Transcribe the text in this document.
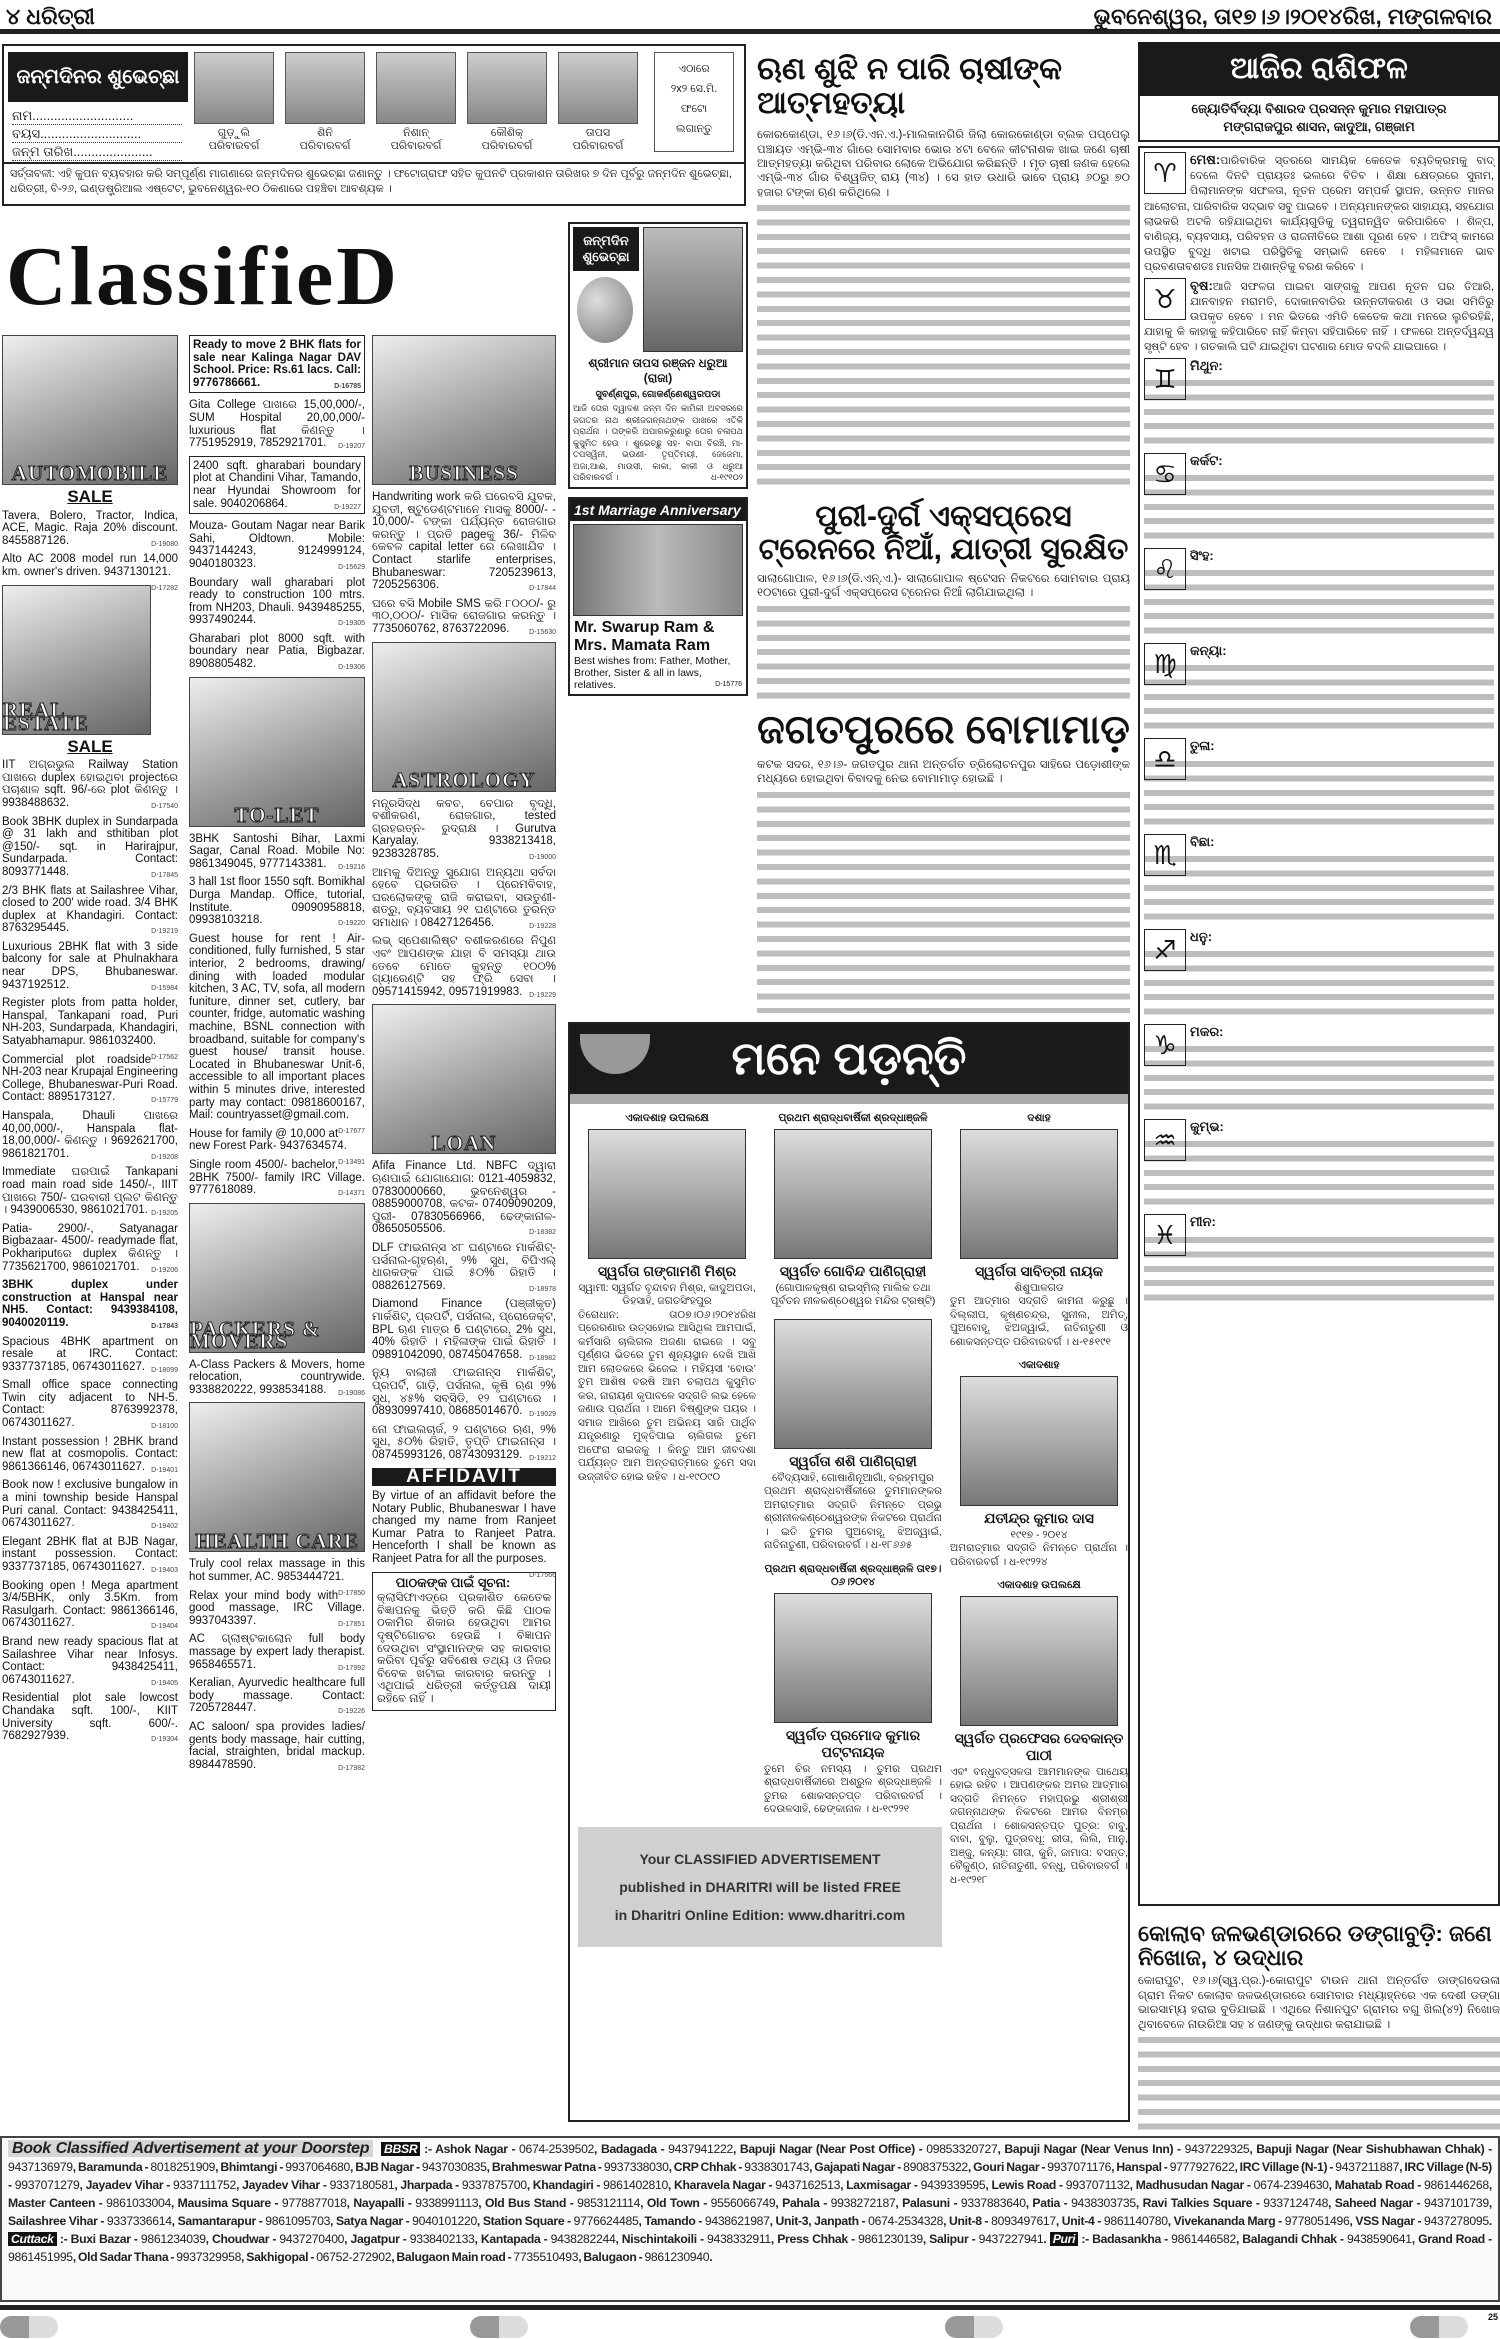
୪ ଧରିତ୍ରୀ	ଭୁବନେଶ୍ୱର, ତା୧୭।୬।୨୦୧୪ରିଖ, ମଙ୍ଗଳବାର
ଜନ୍ମଦିନର ଶୁଭେଚ୍ଛା
ନାମ............................
ବୟସ............................
ଜନ୍ମ ତାରିଖ......................
ଗୁଡ଼ୁଲି
ପରିବାରବର୍ଗ
ଶିନି
ପରିବାରବର୍ଗ
ନିଶାନ୍
ପରିବାରବର୍ଗ
କୌଶିକ୍
ପରିବାରବର୍ଗ
ତାପସ
ପରିବାରବର୍ଗ
ଏଠାରେ
୨x୨ ସେ.ମି.
ଫଟୋ
ଲଗାନ୍ତୁ
ସର୍ତ୍ତାବଳୀ: ଏହି କୁପନ ବ୍ୟବହାର କରି ସମ୍ପୂର୍ଣ୍ଣ ମାଗଣାରେ ଜନ୍ମଦିନର ଶୁଭେଚ୍ଛା ଜଣାନ୍ତୁ । ଫଟୋଗ୍ରାଫ ସହିତ କୁପନଟି ପ୍ରକାଶନ ତାରିଖର ୭ ଦିନ ପୂର୍ବରୁ ଜନ୍ମଦିନ ଶୁଭେଚ୍ଛା, ଧରିତ୍ରୀ, ବି-୨୬, ଇଣ୍ଡଷ୍ଟ୍ରିଆଲ ଏଷ୍ଟେଟ, ଭୁବନେଶ୍ୱର-୧୦ ଠିକଣାରେ ପହଞ୍ଚିବା ଆବଶ୍ୟକ ।
ClassifieD
AUTOMOBILE
SALE
Tavera, Bolero, Tractor, Indica, ACE, Magic. Raja 20% discount. 8455887126.	D-19080
Alto AC 2008 model run 14,000 km. owner's driven. 9437130121.
D-17282
REAL ESTATE
SALE
IIT ଅଗ୍ରଭୁଲ Railway Station ପାଖରେ duplex ହୋଇଥିବା projectରେ ପଚାଶାଳ sqft. 96/-ରେ plot କିଣନ୍ତୁ । 9938488632.	D-17540
Book 3BHK duplex in Sundarpada @ 31 lakh and sthitiban plot @150/- sqt. in Harirajpur, Sundarpada. Contact: 8093771448.	D-17845
2/3 BHK flats at Sailashree Vihar, closed to 200' wide road. 3/4 BHK duplex at Khandagiri. Contact: 8763295445.	D-19219
Luxurious 2BHK flat with 3 side balcony for sale at Phulnakhara near DPS, Bhubaneswar. 9437192512.	D-15984
Register plots from patta holder, Hanspal, Tankapani road, Puri NH-203, Sundarpada, Khandagiri, Satyabhamapur. 9861032400.
D-17562
Commercial plot roadside NH-203 near Krupajal Engineering College, Bhubaneswar-Puri Road. Contact: 8895173127.	D-15779
Hanspala, Dhauli ପାଖରେ 40,00,000/-, Hanspala flat- 18,00,000/- କିଣନ୍ତୁ । 9692621700, 9861821701.	D-19208
Immediate ଘରପାଇଁ Tankapani road main road side 1450/-, IIIT ପାଖରେ 750/- ଘରବାରୀ ପ୍ଲଟ କିଣନ୍ତୁ । 9439006530, 9861021701. D-19205
Patia- 2900/-, Satyanagar Bigbazaar- 4500/- readymade flat, Pokhariputରେ duplex କିଣନ୍ତୁ । 7735621700, 9861021701. D-19206
3BHK duplex under construction at Hanspal near NH5. Contact: 9439384108, 9040020119.	D-17843
Spacious 4BHK apartment on resale at IRC. Contact: 9337737185, 06743011627. D-18099
Small office space connecting Twin city adjacent to NH-5. Contact: 8763992378, 06743011627.	D-18100
Instant possession ! 2BHK brand new flat at cosmopolis. Contact: 9861366146, 06743011627. D-19401
Book now ! exclusive bungalow in a mini township beside Hanspal Puri canal. Contact: 9438425411, 06743011627.	D-19402
Elegant 2BHK flat at BJB Nagar, instant possession. Contact: 9337737185, 06743011627. D-19403
Booking open ! Mega apartment 3/4/5BHK, only 3.5Km. from Rasulgarh. Contact: 9861366146, 06743011627.	D-19404
Brand new ready spacious flat at Sailashree Vihar near Infosys. Contact: 9438425411, 06743011627.	D-19405
Residential plot sale lowcost Chandaka sqft. 100/-, KIIT University sqft. 600/-. 7682927939.	D-19304
Ready to move 2 BHK flats for sale near Kalinga Nagar DAV School. Price: Rs.61 lacs. Call: 9776786661.	D-16785
Gita College ପାଖରେ 15,00,000/-, SUM Hospital 20,00,000/- luxurious flat କିଣନ୍ତୁ । 7751952919, 7852921701. D-19207
2400 sqft. gharabari boundary plot at Chandini Vihar, Tamando, near Hyundai Showroom for sale. 9040206864.	D-19227
Mouza- Goutam Nagar near Barik Sahi, Oldtown. Mobile: 9437144243, 9124999124, 9040180323.	D-15629
Boundary wall gharabari plot ready to construction 100 mtrs. from NH203, Dhauli. 9439485255, 9937490244.	D-19305
Gharabari plot 8000 sqft. with boundary near Patia, Bigbazar. 8908805482.	D-19306
TO-LET
3BHK Santoshi Bihar, Laxmi Sagar, Canal Road. Mobile No: 9861349045, 9777143381. D-19216
3 hall 1st floor 1550 sqft. Bomikhal Durga Mandap. Office, tutorial, Institute. 09090958818, 09938103218.	D-19220
Guest house for rent ! Air-conditioned, fully furnished, 5 star interior, 2 bedrooms, drawing/ dining with loaded modular kitchen, 3 AC, TV, sofa, all modern funiture, dinner set, cutlery, bar counter, fridge, automatic washing machine, BSNL connection with broadband, suitable for company's guest house/ transit house. Located in Bhubaneswar Unit-6, accessible to all important places within 5 minutes drive, interested party may contact: 09818600167, Mail: countryasset@gmail.com.
D-17677
House for family @ 10,000 at new Forest Park- 9437634574.
D-13491
Single room 4500/- bachelor, 2BHK 7500/- family IRC Village. 9777618089.	D-14371
PACKERS & MOVERS
A-Class Packers & Movers, home relocation, countrywide. 9338820222, 9938534188. D-19086
HEALTH CARE
Truly cool relax massage in this hot summer, AC. 9853444721.
D-17850
Relax your mind body with good massage, IRC Village. 9937043397.	D-17851
AC ଗ୍ଲାଷ୍ଟକାଲୋନ full body massage by expert lady therapist. 9658465571.	D-17992
Keralian, Ayurvedic healthcare full body massage. Contact: 7205728447.	D-19226
AC saloon/ spa provides ladies/ gents body massage, hair cutting, facial, straighten, bridal mackup. 8984478590.	D-17982
BUSINESS
Handwriting work କରି ଘରେବସି ଯୁବକ, ଯୁବତୀ, ଷ୍ଟୁଡେଣ୍ଟମାନେ ମାସକୁ 8000/- - 10,000/- ଟଙ୍କା ପର୍ଯ୍ୟନ୍ତ ରୋଜଗାର କରନ୍ତୁ । ପ୍ରତି pageକୁ 36/- ମିଳିବ କେବଳ capital letter ରେ ଲେଖାଯିବ । Contact starlife enterprises, Bhubaneswar: 7205239613, 7205256306.	D-17844
ଘରେ ବସି Mobile SMS କରି ୮୦୦୦/- ରୁ ୩୦,୦୦୦/- ମାସିକ ରୋଜଗାର କରନ୍ତୁ । 7735060762, 8763722096.	D-15630
ASTROLOGY
ମନ୍ତ୍ରସିଦ୍ଧ କବଚ, ବେପାର ବୃଦ୍ଧି, ବଶୀକରଣ, ରୋଜଗାର, tested ଗ୍ରହରତ୍ନ- ରୁଦ୍ରାକ୍ଷ । Gurutva Karyalay. 9338213418, 9238328785.	D-19000
ଆମକୁ ଦିଅନ୍ତୁ ସୁଯୋଗ ଅନ୍ୟଥା ସର୍ବଦା ହେବେ ପ୍ରତାରିତ । ପ୍ରେମବିବାହ, ଘରଲୋକଙ୍କୁ ରାଜି କରାଇବା, ସଉତୁଣୀ-ଶତ୍ରୁ, ବ୍ୟବସାୟ ୨୧ ଘଣ୍ଟାରେ ତୁରନ୍ତ ସମାଧାନ । 08427126456.	D-19228
ଲଭ୍ ସ୍ପେଶାଲିଷ୍ଟ ବଶୀକରଣରେ ନିପୁଣ ଏବଂ ଆପଣଙ୍କ ଯାହା ବି ସମସ୍ୟା ଥାଉ ତେବେ ମୋତେ କୁହନ୍ତୁ ୧୦୦% ଗ୍ୟାରେଣ୍ଟି ସହ ଫ୍ରି ସେବା । 09571415942, 09571919983. D-19229
LOAN
Afifa Finance Ltd. NBFC ଦ୍ୱାରା ଋଣପାଇଁ ଯୋଗାଯୋଗ: 0121-4059832, 07830000660, ଭୁବନେଶ୍ୱର - 08859000708, କଟକ- 07409090209, ପୁରୀ- 07830566966, ଢେଙ୍କାନାଳ- 08650505506.	D-18382
DLF ଫାଇନାନ୍ସ ୪୮ ଘଣ୍ଟାରେ ମାର୍କଶିଟ୍-ପର୍ସନାଲ-ଗୃହଋଣ, ୨% ସୁଧ, ବିପିଏଲ୍ ଧାରକଙ୍କ ପାଇଁ ୫୦% ରିହାତି । 08826127569.	D-18978
Diamond Finance (ପଞ୍ଜୀକୃତ) ମାର୍କଶିଟ୍, ପ୍ରପର୍ଟି, ପର୍ସନାଲ, ପ୍ରୋଜେକ୍ଟ, BPL ଋଣ ମାତ୍ର 6 ଘଣ୍ଟାରେ, 2% ସୁଧ, 40% ରିହାତି । ମହିଳାଙ୍କ ପାଇଁ ରିହାତି । 09891042090, 08745047658. D-18982
ନ୍ୟୁ ବାଲାଜୀ ଫାଇନାନ୍ସ ମାର୍କଶିଟ୍, ପ୍ରପର୍ଟି, ଗାଡ଼ି, ପର୍ସନାଲ, କୃଷି ଋଣ ୨% ସୁଧ, ୪୫% ସବ୍‌ସିଡି, ୧୨ ଘଣ୍ଟାରେ । 08930997410, 08685014670. D-19029
ନୋ ଫାଇଲଚାର୍ଜ, ୨ ଘଣ୍ଟାରେ ଋଣ, ୨% ସୁଧ, ୫୦% ରିହାତି, ତୃପ୍ତି ଫାଇନାନ୍ସ । 08745993126, 08743093129. D-19212
AFFIDAVIT
By virtue of an affidavit before the Notary Public, Bhubaneswar I have changed my name from Ranjeet Kumar Patra to Ranjeet Patra. Henceforth I shall be known as Ranjeet Patra for all the purposes.
D-17566
ପାଠକଙ୍କ ପାଇଁ ସୂଚନା:
କ୍ଲାସିଫାଏଡ୍‌ରେ ପ୍ରକାଶିତ କେତେକ ବିଜ୍ଞାପନକୁ ଭିତ୍ତି କରି କିଛି ପାଠକ ଠକାମିର ଶିକାର ହେଉଥିବା ଆମର ଦୃଷ୍ଟିଗୋଚର ହେଉଛି । ବିଜ୍ଞାପନ ଦେଉଥିବା ସଂସ୍ଥାମାନଙ୍କ ସହ କାରବାର କରିବା ପୂର୍ବରୁ ସବିଶେଷ ତଥ୍ୟ ଓ ନିଜର ବିବେକ ଖଟାଇ କାରବାର କରନ୍ତୁ । ଏଥିପାଇଁ ଧରିତ୍ରୀ କର୍ତ୍ତୃପକ୍ଷ ଦାୟୀ ରହିବେ ନାହିଁ ।
ଜନ୍ମଦିନ ଶୁଭେଚ୍ଛା
ଶ୍ରୀମାନ ତାପସ ରଞ୍ଜନ ଧରୁଆ (ରାଜା)
ସୁବର୍ଣ୍ଣପୁର, ଗୋକର୍ଣ୍ଣେଶ୍ୱରପଡା
ଆଜି ତୋର ଦ୍ୱାଦଶ ଜନ୍ମ ଦିନ କାମିକୀ ଅବସରରେ ଜଗତର ନାଥ ଶ୍ରୀଜଗନ୍ନାଥଙ୍କ ପାଖରେ ଏତିକି ପ୍ରାର୍ଥନା । ତାଙ୍କରି ଅପାରକରୁଣାରୁ ତୋର ଚଳାପଥ କୁସୁମିତ ହେଉ । ଶୁଭେଚ୍ଛୁ ସହ- ବାପା ବିରଞ୍ଚି, ମା- ତପସ୍ୱିନୀ, ଭଉଣୀ- ତୃପ୍ତିମୟୀ, ଜେଜେମା, ଅଜା,ଆଈ, ମାଉସୀ, କାକା, କାକୀ ଓ ଧରୁଆ ପରିବାରବର୍ଗ ।	ଧ-୧୯୧୦୨
1st Marriage Anniversary
Mr. Swarup Ram & Mrs. Mamata Ram
Best wishes from: Father, Mother, Brother, Sister & all in laws, relatives.	D-15776
ଋଣ ଶୁଝି ନ ପାରି ଚାଷୀଙ୍କ ଆତ୍ମହତ୍ୟା
କୋରକୋଣ୍ଡା, ୧୬।୬(ଡି.ଏନ.ଏ.)-ମାଲକାନଗିରି ଜିଲା କୋରକୋଣ୍ଡା ବ୍ଲକ ପପ୍ପେଲୁ ପଞ୍ଚାୟତ ଏମ୍‌ଭି-୩୪ ଗାଁରେ ସୋମବାର ଭୋର ୪ଟା ବେଳେ କୀଟନାଶକ ଖାଇ ଜଣେ ଚାଷୀ ଆତ୍ମହତ୍ୟା କରିଥିବା ପରିବାର ଲୋକେ ଅଭିଯୋଗ କରିଛନ୍ତି । ମୃତ ଚାଷୀ ଜଣକ ହେଲେ ଏମ୍‌ଭି-୩୪ ଗାଁର ବିଶ୍ୱଜିତ୍ ରାୟ (୩୪) । ସେ ହାତ ଉଧାରି ଭାବେ ପ୍ରାୟ ୬୦ରୁ ୭୦ ହଜାର ଟଙ୍କା ଋଣ କରିଥିଲେ ।
ପୁରୀ-ଦୁର୍ଗ ଏକ୍ସପ୍ରେସ ଟ୍ରେନରେ ନିଆଁ, ଯାତ୍ରୀ ସୁରକ୍ଷିତ
ସାଲାଗୋପାଳ, ୧୬।୬(ଡି.ଏନ୍.ଏ.)- ସାଲାଗୋପାଳ ଷ୍ଟେସନ ନିକଟରେ ସୋମବାର ପ୍ରାୟ ୧୦ଟାରେ ପୁରୀ-ଦୁର୍ଗ ଏକ୍ସପ୍ରେସ ଟ୍ରେନର ନିଆଁ ଲାଗିଯାଇଥିଲା ।
ଜଗତପୁରରେ ବୋମାମାଡ଼
କଟକ ସଦର, ୧୬।୬- ଜଗତପୁର ଥାନା ଅନ୍ତର୍ଗତ ତ୍ରିଲୋଚନପୁର ସାହିରେ ପଡ଼ୋଶୀଙ୍କ ମଧ୍ୟରେ ହୋଇଥିବା ବିବାଦକୁ ନେଇ ବୋମାମାଡ଼ ହୋଇଛି ।
ଆଜିର ରାଶିଫଳ
ଜ୍ୟୋତିର୍ବିଦ୍ୟା ବିଶାରଦ ପ୍ରସନ୍ନ କୁମାର ମହାପାତ୍ର
ମଙ୍ଗରାଜପୁର ଶାସନ, କାଦୁଆ, ଗଞ୍ଜାମ
♈	ମେଷ:ପାରିବାରିକ ସ୍ତରରେ ସାମୟିକ କେତେକ ବ୍ୟତିକ୍ରମକୁ ବାଦ୍ ଦେଲେ ଦିନଟି ପ୍ରାୟତଃ ଭଲରେ ବିତିବ । ଶିକ୍ଷା କ୍ଷେତ୍ରରେ ସୁନାମ, ପିଲାମାନଙ୍କ ସଫଳତା, ନୂତନ ପ୍ରେମ ସମ୍ପର୍କ ସ୍ଥାପନ, ଉନ୍ନତ ମାନର ଆଲୋଚନା, ପାରିବାରିକ ସଦ୍ଭାବ ସବୁ ପାଇବେ । ଅନ୍ୟମାନଙ୍କର ସାହାଯ୍ୟ, ସହଯୋଗ ଲାଭକରି ଅଟକି ରହିଯାଇଥିବା କାର୍ଯ୍ୟଗୁଡିକୁ ତ୍ୱରାନ୍ୱିତ କରିପାରିବେ । ଶିଳ୍ପ, ବାଣିଜ୍ୟ, ବ୍ୟବସାୟ, ପରିବହନ ଓ ରାଜନୀତିରେ ଆଶା ପୂରଣ ହେବ । ଅଫିସ୍ କାମରେ ଉପସ୍ଥିତ ବୁଦ୍ଧି ଖଟାଇ ପରିସ୍ଥିତିକୁ ସମ୍ଭାଳି ନେବେ । ମହିଳାମାନେ ଭାବ ପ୍ରବଣତାବଶତଃ ମାନସିକ ଅଶାନ୍ତିକୁ ବରଣ କରିବେ ।
♉	ବୃଷ:ଆଜି ସଫଳତା ପାଇବା ସାଙ୍ଗକୁ ଆପଣ ନୂତନ ଘର ତିଆରି, ଯାନବାହନ ମରାମତି, ଦୋକାନବାଡିର ଉନ୍ନତୀକରଣ ଓ ସଭା ସମିତିରୁ ଉପକୃତ ହେବେ । ମନ ଭିତରେ ଏମିତି କେତେକ କଥା ମନରେ ଲୁଚିରହିଛି, ଯାହାକୁ କି କାହାକୁ କହିପାରିବେ ନାହିଁ କିମ୍ବା ସହିପାରିବେ ନାହିଁ । ଫଳରେ ଅନ୍ତର୍ଦ୍ୱନ୍ଦ୍ୱ ସୃଷ୍ଟି ହେବ । ଗତକାଲି ଘଟି ଯାଇଥିବା ଘଟଣାର ମୋଡ ବଦଳି ଯାଇପାରେ ।
♊	ମିଥୁନ:
♋	କର୍କଟ:
♌	ସିଂହ:
♍	କନ୍ୟା:
♎	ତୁଳା:
♏	ବିଛା:
♐	ଧନୁ:
♑	ମକର:
♒	କୁମ୍ଭ:
♓	ମୀନ:
କୋଲାବ ଜଳଭଣ୍ଡାରରେ ଡଙ୍ଗାବୁଡ଼ି: ଜଣେ ନିଖୋଜ, ୪ ଉଦ୍ଧାର
କୋରାପୁଟ, ୧୬।୬(ସ୍ୱ.ପ୍ର.)-କୋରାପୁଟ ଟାଉନ ଥାନା ଅନ୍ତର୍ଗତ ଡାଙ୍ଗଦେଉଳା ଗ୍ରାମ ନିକଟ କୋଲାବ ଜଳଭଣ୍ଡାରରେ ସୋମବାର ମଧ୍ୟାହ୍ନରେ ଏକ ଦେଶୀ ଡଙ୍ଗା ଭାରସାମ୍ୟ ହରାଇ ବୁଡିଯାଇଛି । ଏଥିରେ ନିଶାନପୁଟ ଗ୍ରାମର ବଗୁ ଖିଲ(୪୨) ନିଖୋଜ ଥିବାବେଳେ ନାଉରିଆ ସହ ୪ ଜଣଙ୍କୁ ଉଦ୍ଧାର କରାଯାଇଛି ।
ମନେ ପଡ଼ନ୍ତି
ଏକାଦଶାହ ଉପଲକ୍ଷେ
ସ୍ୱର୍ଗତା ଗଙ୍ଗାମଣି ମିଶ୍ର
ସ୍ୱାମୀ: ସ୍ୱର୍ଗତ ବୃନ୍ଦାବନ ମିଶ୍ର, କାଦୁଅପଡା, ଡିହସାହି, ଜଗତସିଂହପୁର
ତିରୋଧାନ: ତା୦୭।୦୬।୨୦୧୪ରିଖ ପ୍ରେରଣାର ଉତ୍ସହୋଇ ଆସିଥିଲ ଆମପାଇଁ, କର୍ମସାରି ଚାଲିଗଲ ଅଜଣା ରାଇଜେ । ସବୁ ପୂର୍ଣ୍ଣତା ଭିତରେ ତୁମ ଶୂନ୍ୟସ୍ଥାନ ଦେଖି ଆଖି ଆମ ଲୋତକରେ ଭିଜେଇ । ମହିୟସୀ ‘ବୋଉ’ ତୁମ ଆଶିଷ ବରଷି ଆମ ଚଲାପଥ କୁସୁମିତ କର, ନାରାୟଣ କୃପାବଳେ ସଦ୍‌ଗତି ଲଭ ହେଳେ ଜଣାଉ ପ୍ରାର୍ଥନା । ଆମେ ବିଷ୍ଣୁଙ୍କ ପୟର । ସମାଜ ଆଖିରେ ତୁମ ଅଭିନୟ ସାରି ପାର୍ଥିବ ଯନ୍ତ୍ରଣାରୁ ମୁକ୍ତିପାଇ ଚାଲିଗଲ ତୁମେ ଅଫେରା ରାଇଜକୁ । କିନ୍ତୁ ଆମ ଜୀବଦଶା ପର୍ଯ୍ୟନ୍ତ ଆମ ଅନ୍ତରାତ୍ମାରେ ତୁମେ ସଦା ଉଜ୍ଜୀବିତ ହୋଇ ରହିବ । ଧ-୧୯୦୯୦
ପ୍ରଥମ ଶ୍ରାଦ୍ଧବାର୍ଷିକୀ ଶ୍ରଦ୍ଧାଞ୍ଜଳି
ସ୍ୱର୍ଗତ ଗୋବିନ୍ଦ ପାଣିଗ୍ରାହୀ
(ଗୋପାଳକୃଷ୍ଣ ରାଇସ୍‌ମିଲ୍ ମାଲିକ ତଥା ପୂର୍ବତନ ନୀଳକଣ୍ଠେଶ୍ୱର ମନ୍ଦିର ଟ୍ରଷ୍ଟି)
ସ୍ୱର୍ଗତା ଶଶି ପାଣିଗ୍ରାହୀ
ବୈଦ୍ୟସାହି, ଗୋଷାଣିନୂଆଗାଁ, ବ୍ରହ୍ମପୁର
ପ୍ରଥମ ଶ୍ରାଦ୍ଧବାର୍ଷିକୀରେ ତୁମମାନଙ୍କର ଅମରାତ୍ମାର ସଦ୍‌ଗତି ନିମନ୍ତେ ପ୍ରଭୁ ଶ୍ରୀନୀଳକଣ୍ଠେଶ୍ୱରଙ୍କ ନିକଟରେ ପ୍ରାର୍ଥନା । ଇତି ତୁମର ପୁଅବୋହୂ, ଝିଅଜ୍ୱାଇଁ, ନାତିନାତୁଣୀ, ପରିବାରବର୍ଗ । ଧ-୧୮୬୬୫
ପ୍ରଥମ ଶ୍ରାଦ୍ଧବାର୍ଷିକୀ ଶ୍ରଦ୍ଧାଞ୍ଜଳି ତା୧୭।୦୬।୨୦୧୪
ସ୍ୱର୍ଗତ ପ୍ରମୋଦ କୁମାର ପଟ୍ଟନାୟକ
ତୁମେ ଚିର ନମସ୍ୟ । ତୁମର ପ୍ରଥମ ଶ୍ରାଦ୍ଧବାର୍ଷିକୀରେ ଅଶ୍ରୁଳ ଶ୍ରଦ୍ଧାଞ୍ଜଳି । ତୁମର ଶୋକସନ୍ତପ୍ତ ପରିବାରବର୍ଗ । ଦେଉଳସାହି, ଢେଙ୍କାନାଳ । ଧ-୧୯୨୨୧
Your CLASSIFIED ADVERTISEMENT
published in DHARITRI will be listed FREE
in Dharitri Online Edition: www.dharitri.com
ଦଶାହ
ସ୍ୱର୍ଗତା ସାବିତ୍ରୀ ନାୟକ
ଶିଶୁପାଳଗଡ
ତୁମ ଆତ୍ମାର ସଦ୍‌ଗତି କାମନା କରୁଛୁ । ଦିଲ୍ଲୀପ, କୃଷ୍ଣଚନ୍ଦ୍ର, ସୁନୀଲ, ଅମିତ୍, ପୁଅବୋହୂ, ଝିଅଜ୍ୱାଇଁ, ନାତିନାତୁଣୀ ଓ ଶୋକସନ୍ତପ୍ତ ପରିବାରବର୍ଗ । ଧ-୧୫୧୯୧
ଏକାଦଶାହ
ଯତୀନ୍ଦ୍ର କୁମାର ଦାସ
୧୯୧୭ - ୨୦୧୪
ଅମରାତ୍ମାର ସଦ୍‌ଗତି ନିମନ୍ତେ ପ୍ରାର୍ଥନା । ପରିବାରବର୍ଗ । ଧ-୧୯୨୨୪
ଏକାଦଶାହ ଉପଲକ୍ଷେ
ସ୍ୱର୍ଗତ ପ୍ରଫେସର ଦେବକାନ୍ତ ପାଠୀ
ଏବଂ ବନ୍ଧୁବତ୍ସଳତା ଆମମାନଙ୍କ ପାଥେୟ ହୋଇ ରହିବ । ଆପଣଙ୍କର ଅମର ଆତ୍ମାର ସଦ୍‌ଗତି ନିମନ୍ତେ ମହାପ୍ରଭୁ ଶ୍ରୀଶ୍ରୀ ଜଗନ୍ନାଥଙ୍କ ନିକଟରେ ଆମର ବିନମ୍ର ପ୍ରାର୍ଥନା । ଶୋକସନ୍ତପ୍ତ ପୁତ୍ର: ବାବୁ, ବାବା, ବୁଲୁ, ପୁତ୍ରବଧୂ: ରୀତା, ଲିଲି, ମାନୁ, ଅଞ୍ଜୁ, କନ୍ୟା: ଗୀତା, କୁନି, ଜାମାତା: ବସନ୍ତ, ବୈକୁଣ୍ଠ, ନାତିନାତୁଣୀ, ବନ୍ଧୁ, ପରିବାରବର୍ଗ । ଧ-୧୯୨୧୮
Book Classified Advertisement at your Doorstep BBSR :- Ashok Nagar - 0674-2539502, Badagada - 9437941222, Bapuji Nagar (Near Post Office) - 09853320727, Bapuji Nagar (Near Venus Inn) - 9437229325, Bapuji Nagar (Near Sishubhawan Chhak) - 9437136979, Baramunda - 8018251909, Bhimtangi - 9937064680, BJB Nagar - 9437030835, Brahmeswar Patna - 9937338030, CRP Chhak - 9338301743, Gajapati Nagar - 8908375322, Gouri Nagar - 9937071176, Hanspal - 9777927622, IRC Village (N-1) - 9437211887, IRC Village (N-5) - 9937071279, Jayadev Vihar - 9337111752, Jayadev Vihar - 9337180581, Jharpada - 9337875700, Khandagiri - 9861402810, Kharavela Nagar - 9437162513, Laxmisagar - 9439339595, Lewis Road - 9937071132, Madhusudan Nagar - 0674-2394630, Mahatab Road - 9861446268, Master Canteen - 9861033004, Mausima Square - 9778877018, Nayapalli - 9338991113, Old Bus Stand - 9853121114, Old Town - 9556066749, Pahala - 9938272187, Palasuni - 9337883640, Patia - 9438303735, Ravi Talkies Square - 9337124748, Saheed Nagar - 9437101739, Sailashree Vihar - 9337336614, Samantarapur - 9861095703, Satya Nagar - 9040101220, Station Square - 9776624485, Tamando - 9438621987, Unit-3, Janpath - 0674-2534328, Unit-8 - 8093497617, Unit-4 - 9861140780, Vivekananda Marg - 9778051496, VSS Nagar - 9437278095. Cuttack :- Buxi Bazar - 9861234039, Choudwar - 9437270400, Jagatpur - 9338402133, Kantapada - 9438282244, Nischintakoili - 9438332911, Press Chhak - 9861230139, Salipur - 9437227941. Puri :- Badasankha - 9861446582, Balagandi Chhak - 9438590641, Grand Road - 9861451995, Old Sadar Thana - 9937329958, Sakhigopal - 06752-272902, Balugaon Main road - 7735510493, Balugaon - 9861230940.
25
